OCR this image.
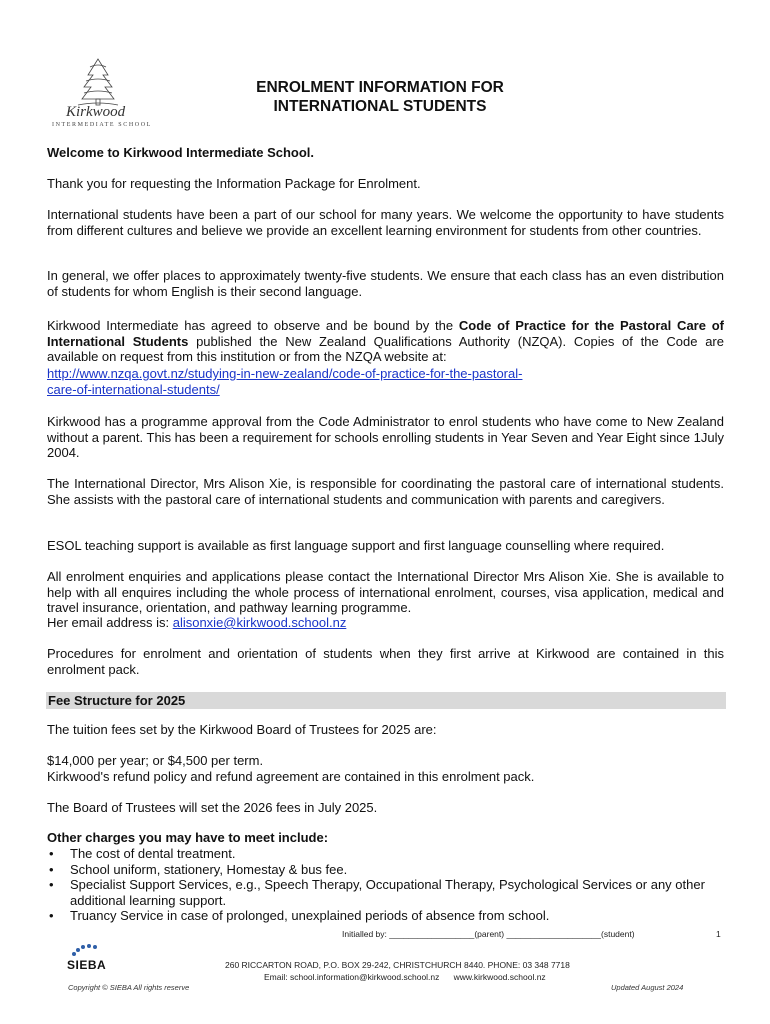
Kirkwood
INTERMEDIATE SCHOOL
ENROLMENT INFORMATION FOR
INTERNATIONAL STUDENTS

Welcome to Kirkwood Intermediate School.

Thank you for requesting the Information Package for Enrolment.

International students have been a part of our school for many years. We welcome the opportunity to have students from different cultures and believe we provide an excellent learning environment for students from other countries.

In general, we offer places to approximately twenty-five students. We ensure that each class has an even distribution of students for whom English is their second language.

Kirkwood Intermediate has agreed to observe and be bound by the Code of Practice for the Pastoral Care of International Students published the New Zealand Qualifications Authority (NZQA). Copies of the Code are available on request from this institution or from the NZQA website at:

http://www.nzqa.govt.nz/studying-in-new-zealand/code-of-practice-for-the-pastoral-

care-of-international-students/

Kirkwood has a programme approval from the Code Administrator to enrol students who have come to New Zealand without a parent. This has been a requirement for schools enrolling students in Year Seven and Year Eight since 1July 2004.

The International Director, Mrs Alison Xie, is responsible for coordinating the pastoral care of international students. She assists with the pastoral care of international students and communication with parents and caregivers.

ESOL teaching support is available as first language support and first language counselling where required.

All enrolment enquiries and applications please contact the International Director Mrs Alison Xie. She is available to help with all enquires including the whole process of international enrolment, courses, visa application, medical and travel insurance, orientation, and pathway learning programme.

Her email address is: alisonxie@kirkwood.school.nz

Procedures for enrolment and orientation of students when they first arrive at Kirkwood are contained in this enrolment pack.

Fee Structure for 2025

The tuition fees set by the Kirkwood Board of Trustees for 2025 are:

$14,000 per year; or $4,500 per term.

Kirkwood's refund policy and refund agreement are contained in this enrolment pack.

The Board of Trustees will set the 2026 fees in July 2025.

Other charges you may have to meet include:

• The cost of dental treatment.
• School uniform, stationery, Homestay & bus fee.
• Specialist Support Services, e.g., Speech Therapy, Occupational Therapy, Psychological Services or any other additional learning support.
• Truancy Service in case of prolonged, unexplained periods of absence from school.
Initialled by: __________________(parent) ____________________(student)	1
SIEBA	260 RICCARTON ROAD, P.O. BOX 29-242, CHRISTCHURCH 8440. PHONE: 03 348 7718
Email: school.information@kirkwood.school.nz      www.kirkwood.school.nz
Copyright © SIEBA All rights reserve	Updated August 2024
